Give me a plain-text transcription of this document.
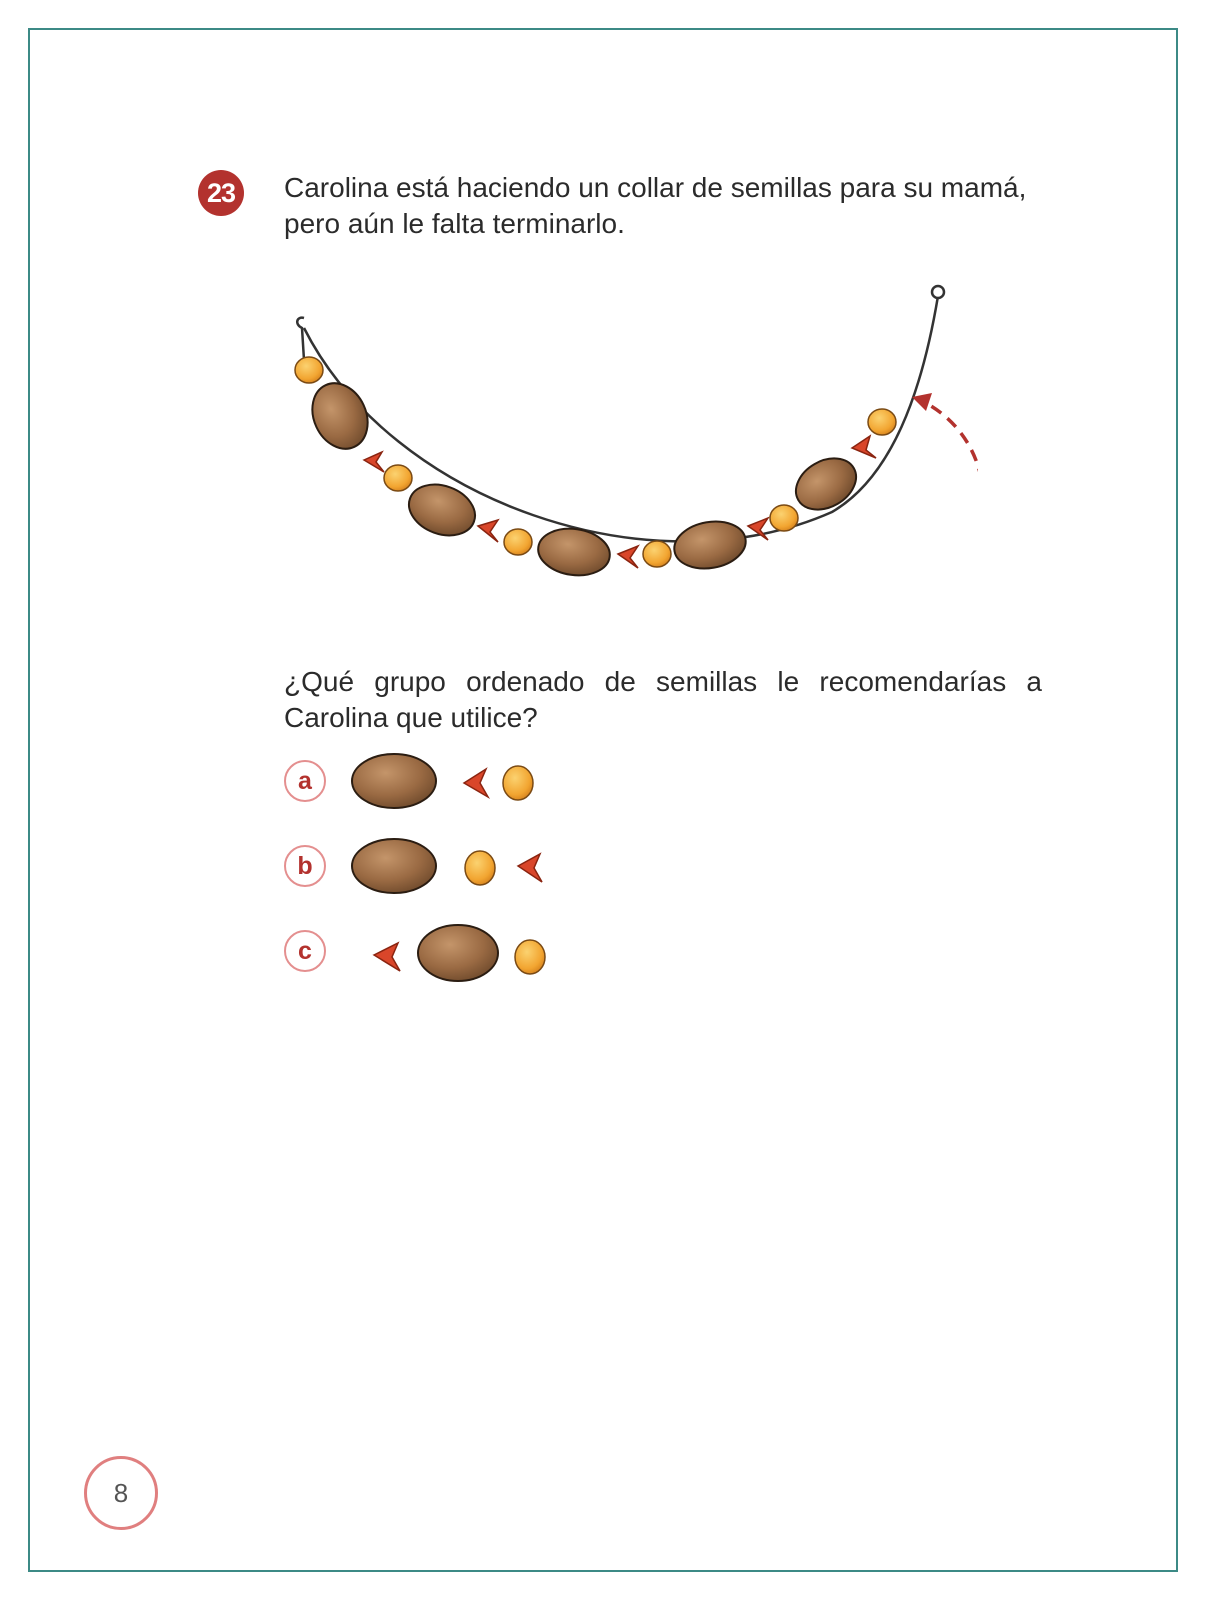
23	Carolina está haciendo un collar de semillas para su mamá, pero aún le falta terminarlo.

¿Qué grupo ordenado de semillas le recomendarías a Carolina que utilice?

a
b
c
8
